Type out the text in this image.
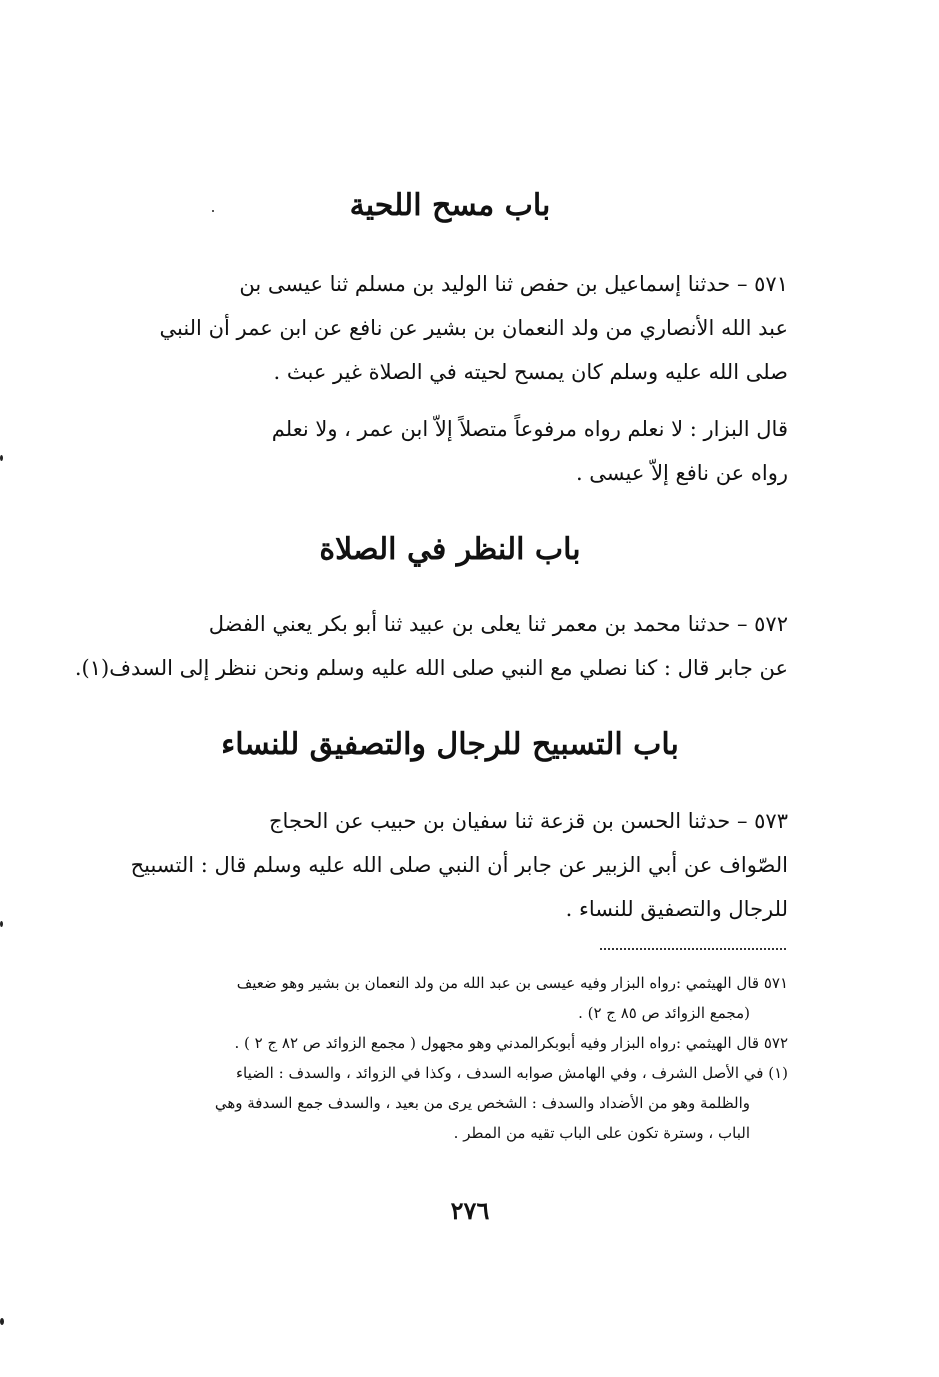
باب مسح اللحية
٥٧١ – حدثنا إسماعيل بن حفص ثنا الوليد بن مسلم ثنا عيسى بن
عبد الله الأنصاري من ولد النعمان بن بشير عن نافع عن ابن عمر أن النبي
صلى الله عليه وسلم كان يمسح لحيته في الصلاة غير عبث .
قال البزار : لا نعلم رواه مرفوعاً متصلاً إلاّ ابن عمر ، ولا نعلم
رواه عن نافع إلاّ عيسى .
باب النظر في الصلاة
٥٧٢ – حدثنا محمد بن معمر ثنا يعلى بن عبيد ثنا أبو بكر يعني الفضل
عن جابر قال : كنا نصلي مع النبي صلى الله عليه وسلم ونحن ننظر إلى السدف(١).
باب التسبيح للرجال والتصفيق للنساء
٥٧٣ – حدثنا الحسن بن قزعة ثنا سفيان بن حبيب عن الحجاج
الصّواف عن أبي الزبير عن جابر أن النبي صلى الله عليه وسلم قال : التسبيح
للرجال والتصفيق للنساء .
٥٧١ قال الهيثمي :رواه البزار وفيه عيسى بن عبد الله من ولد النعمان بن بشير وهو ضعيف
(مجمع الزوائد ص ٨٥ ج ٢) .
٥٧٢ قال الهيثمي :رواه البزار وفيه أبوبكرالمدني وهو مجهول ( مجمع الزوائد ص ٨٢ ج ٢ ) .
(١) في الأصل الشرف ، وفي الهامش صوابه السدف ، وكذا في الزوائد ، والسدف : الضياء
والظلمة وهو من الأضداد والسدف : الشخص يرى من بعيد ، والسدف جمع السدفة وهي
الباب ، وسترة تكون على الباب تقيه من المطر .
٢٧٦
